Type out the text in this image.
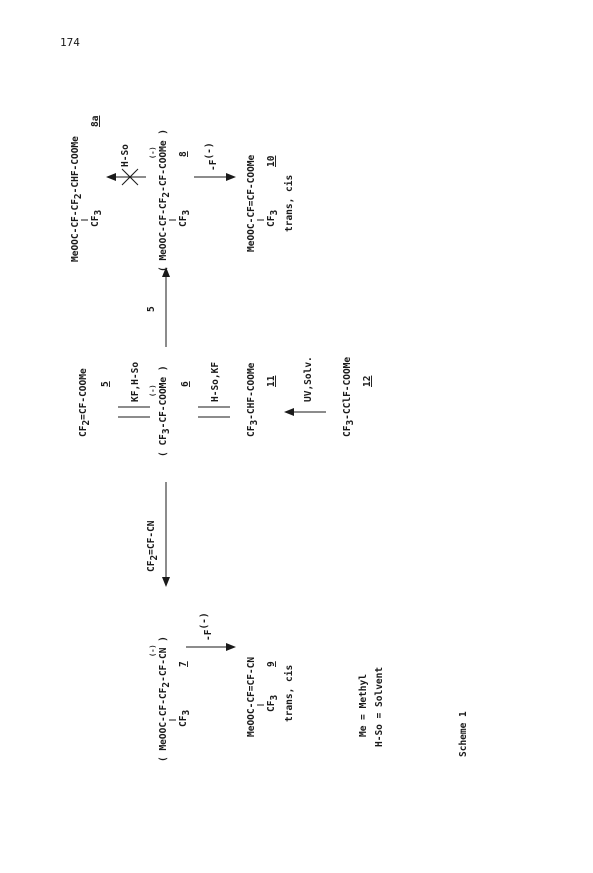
174
( MeOOC-CF-CF2-CF-CN )
(-)
CF3
7
-F(-)
MeOOC-CF=CF-CN CF3
9
trans, cis
CF2=CF-CN
CF2=CF-COOMe	5 KF,H-So
( CF3-CF-COOMe )
(-)
6 H-So,KF
CF3-CHF-COOMe 11	UV,Solv.
CF3-CClF-COOMe 12
5
MeOOC-CF-CF2-CHF-COOMe
CF3
8a
H-So
( MeOOC-CF-CF2-CF-COOMe )
(-)
CF3
8
-F(-)
MeOOC-CF=CF-COOMe CF3
10
trans, cis
Me = Methyl H-So = Solvent	Scheme 1
